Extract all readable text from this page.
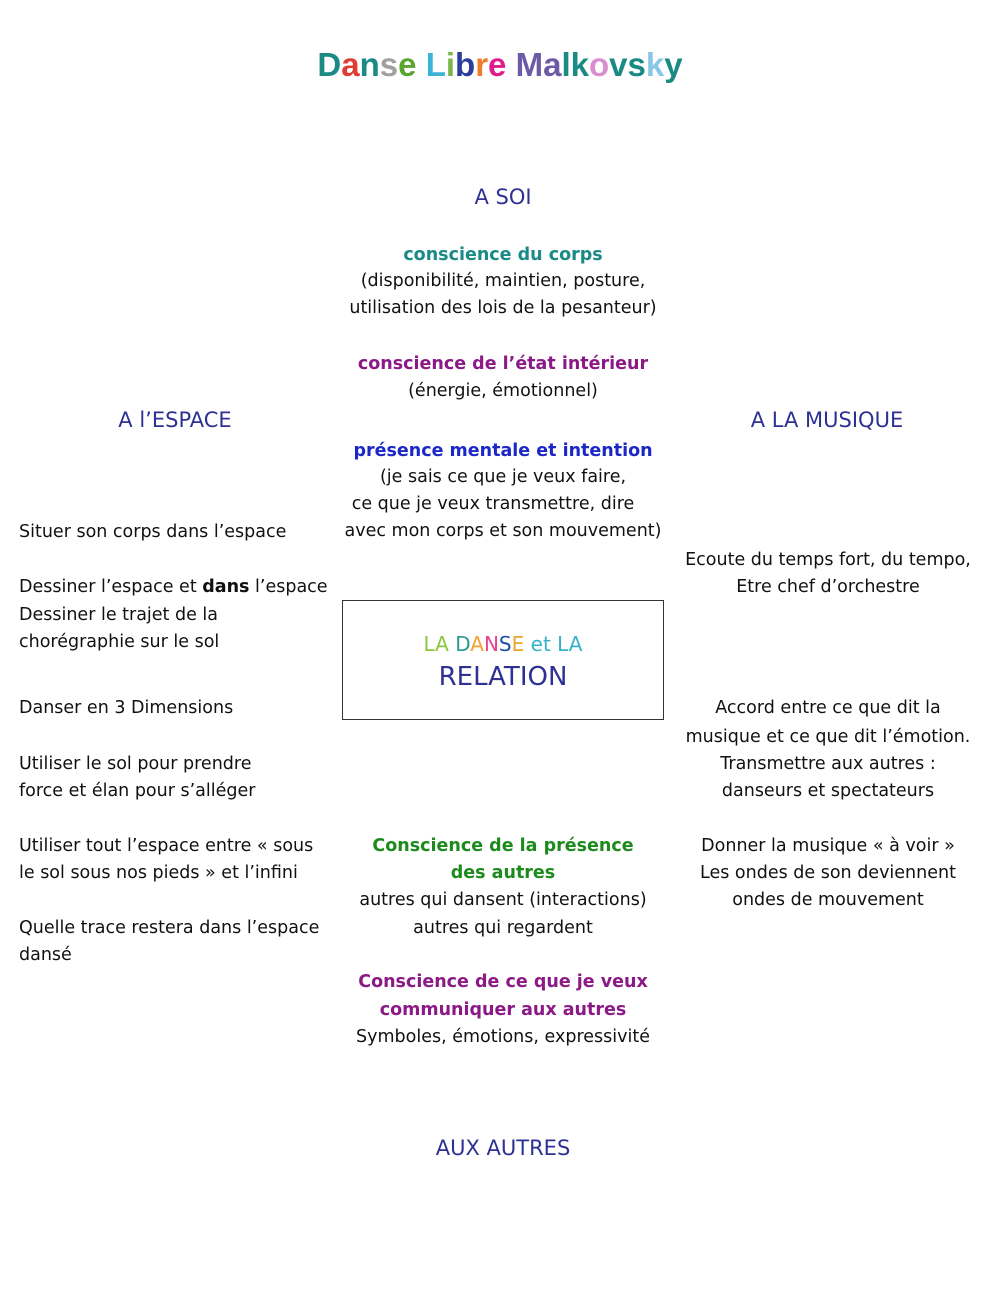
Danse Libre Malkovsky
A SOI
conscience du corps
(disponibilité, maintien, posture,
utilisation des lois de la pesanteur)
conscience de l’état intérieur
(énergie, émotionnel)
présence mentale et intention
(je sais ce que je veux faire,
ce que je veux transmettre, dire
avec mon corps et son mouvement)
A l’ESPACE
Situer son corps dans l’espace
Dessiner l’espace et dans l’espace
Dessiner le trajet de la
chorégraphie sur le sol
Danser en 3 Dimensions
Utiliser le sol pour prendre
force et élan pour s’alléger
Utiliser tout l’espace entre « sous
le sol sous nos pieds » et l’infini
Quelle trace restera dans l’espace
dansé
A LA MUSIQUE
Ecoute du temps fort, du tempo,
Etre chef d’orchestre
Accord entre ce que dit la
musique et ce que dit l’émotion.
Transmettre aux autres :
danseurs et spectateurs
Donner la musique « à voir »
Les ondes de son deviennent
ondes de mouvement
LA DANSE et LA
RELATION
Conscience de la présence
des autres
autres qui dansent (interactions)
autres qui regardent
Conscience de ce que je veux
communiquer aux autres
Symboles, émotions, expressivité
AUX AUTRES
